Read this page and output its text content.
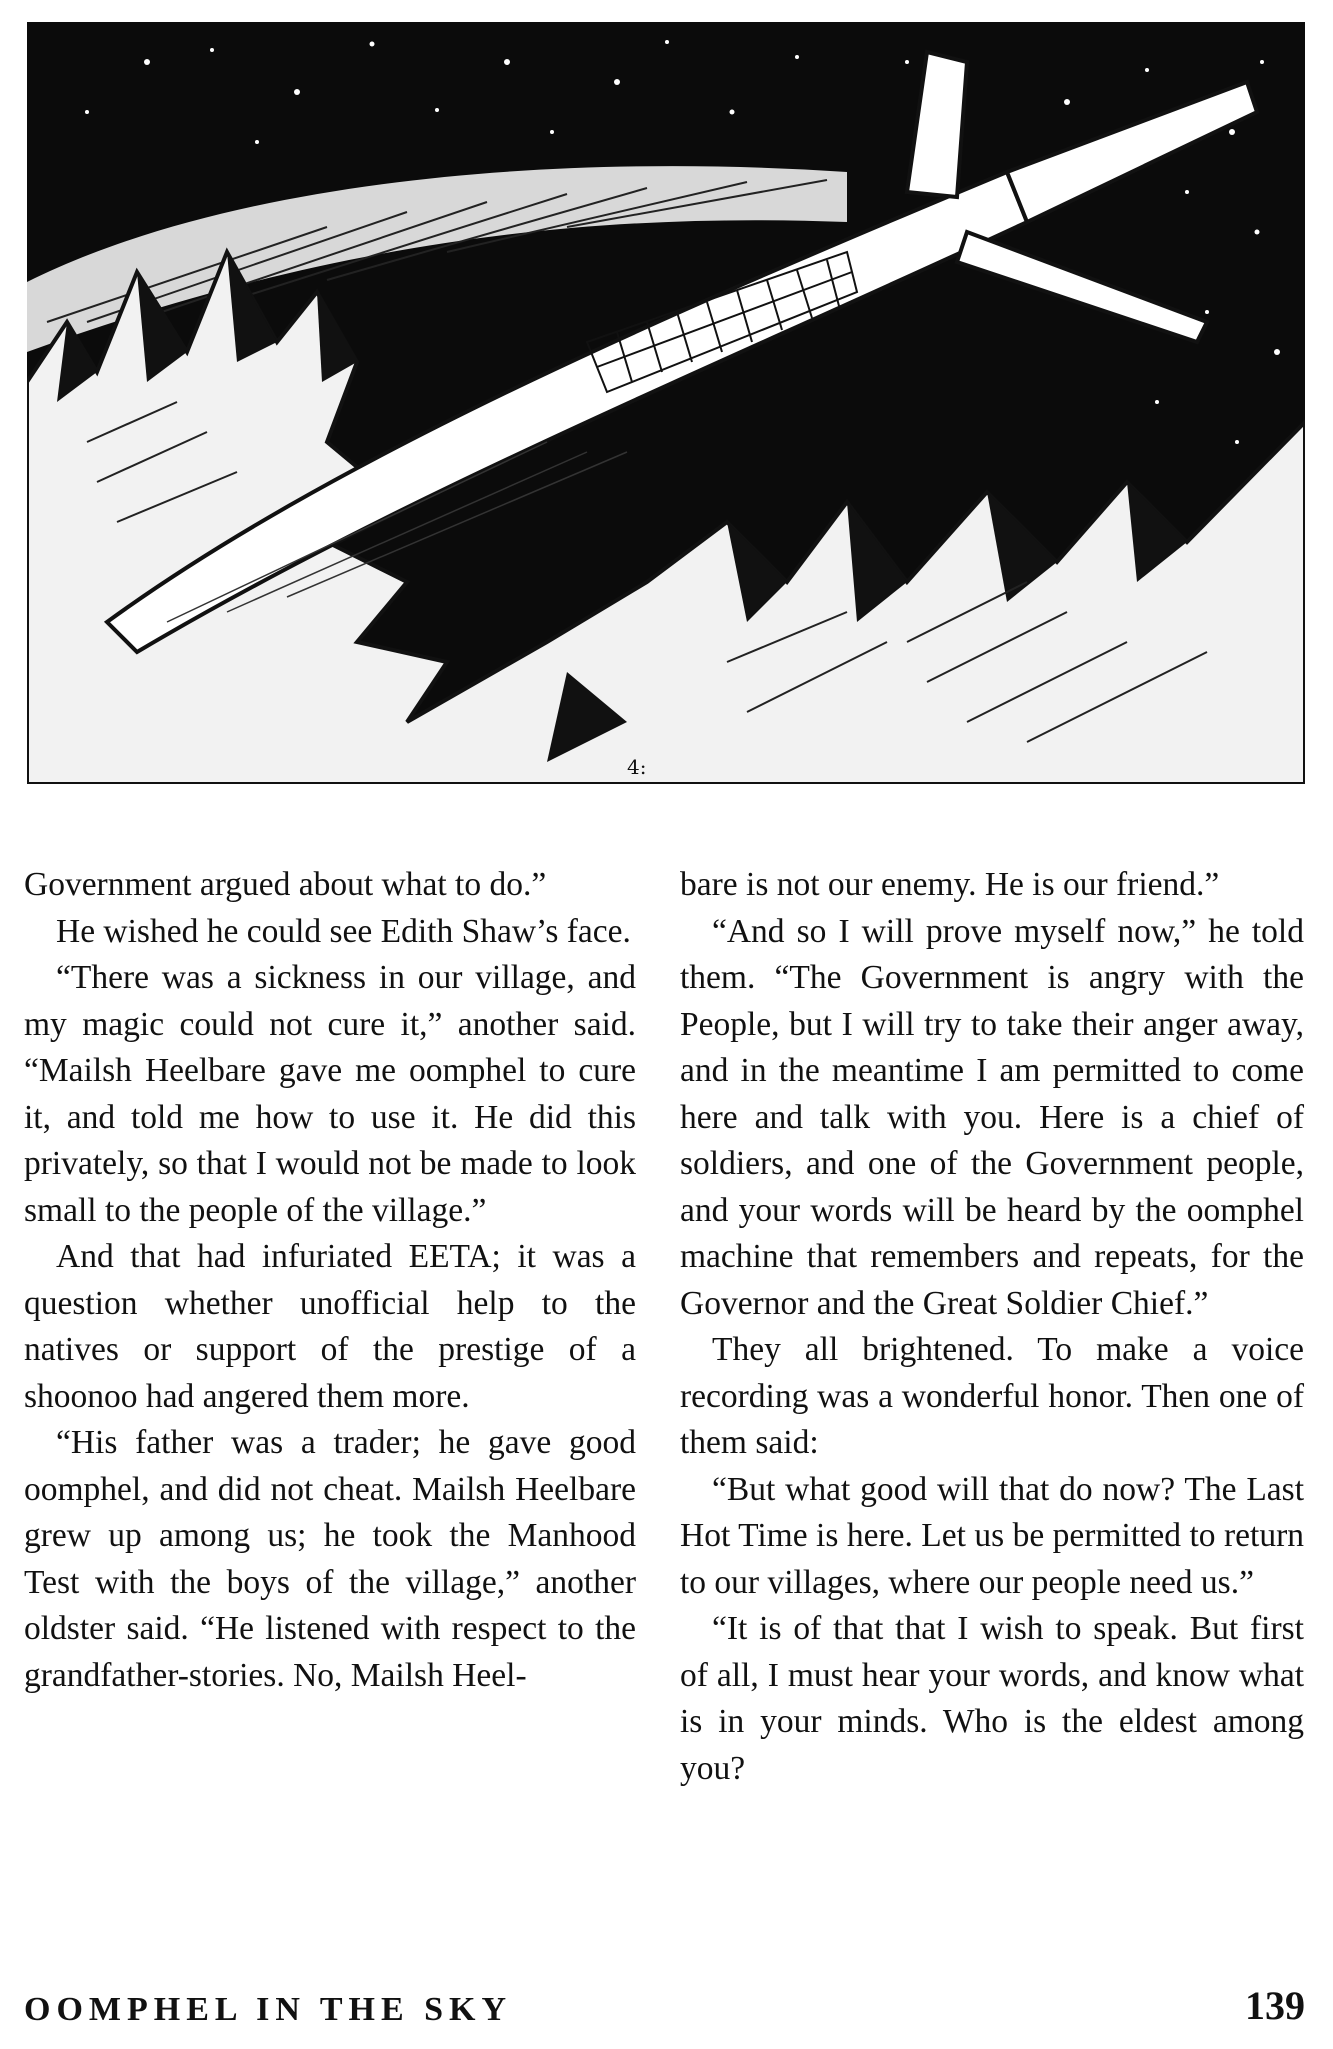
4:

Government argued about what to do.”

He wished he could see Edith Shaw’s face.

“There was a sickness in our village, and my magic could not cure it,” another said. “Mailsh Heelbare gave me oomphel to cure it, and told me how to use it. He did this privately, so that I would not be made to look small to the people of the village.”

And that had infuriated EETA; it was a question whether unofficial help to the natives or support of the prestige of a shoonoo had angered them more.

“His father was a trader; he gave good oomphel, and did not cheat. Mailsh Heelbare grew up among us; he took the Manhood Test with the boys of the village,” another oldster said. “He listened with respect to the grandfather-stories. No, Mailsh Heel-

bare is not our enemy. He is our friend.”

“And so I will prove myself now,” he told them. “The Government is angry with the People, but I will try to take their anger away, and in the meantime I am permitted to come here and talk with you. Here is a chief of soldiers, and one of the Government people, and your words will be heard by the oomphel machine that remembers and repeats, for the Governor and the Great Soldier Chief.”

They all brightened. To make a voice recording was a wonderful honor. Then one of them said:

“But what good will that do now? The Last Hot Time is here. Let us be permitted to return to our villages, where our people need us.”

“It is of that that I wish to speak. But first of all, I must hear your words, and know what is in your minds. Who is the eldest among you?

OOMPHEL IN THE SKY	139
